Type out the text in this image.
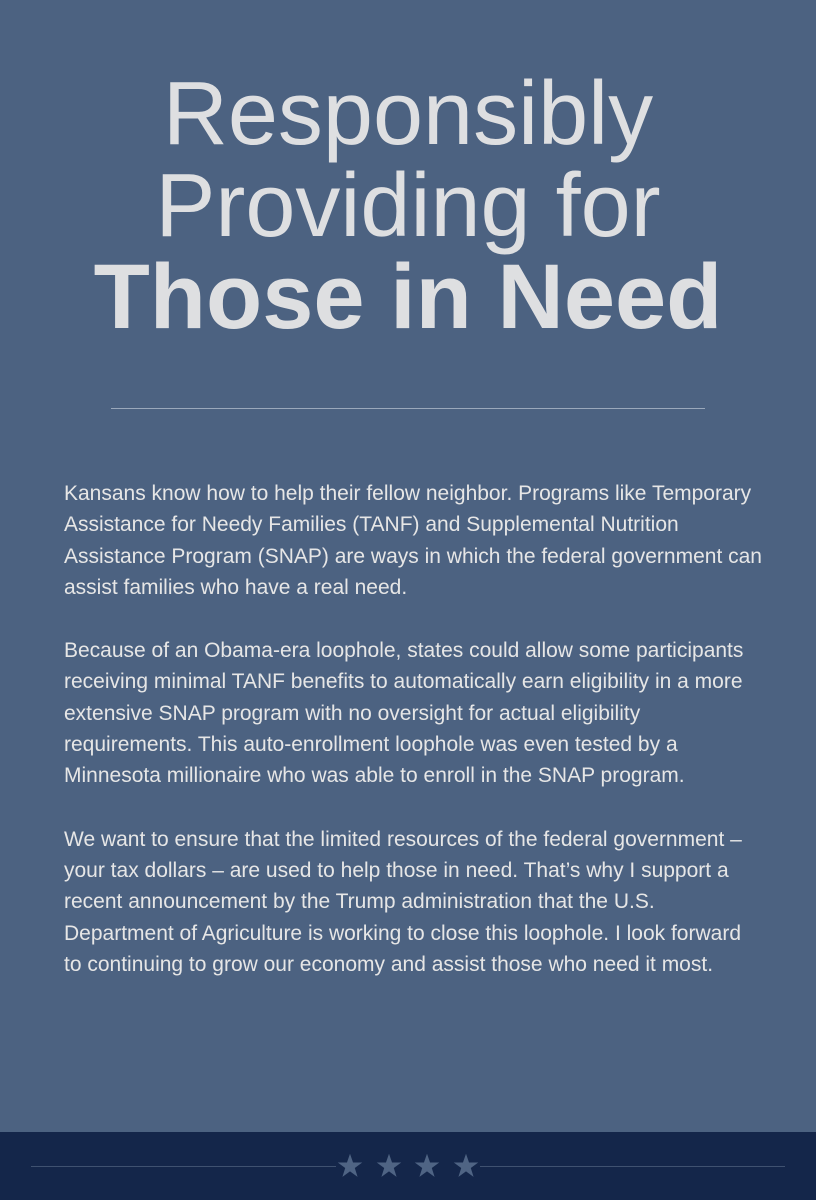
Responsibly
Providing for
Those in Need

Kansans know how to help their fellow neighbor. Programs like Temporary Assistance for Needy Families (TANF) and Supplemental Nutrition Assistance Program (SNAP) are ways in which the federal government can assist families who have a real need.

Because of an Obama-era loophole, states could allow some participants receiving minimal TANF benefits to automatically earn eligibility in a more extensive SNAP program with no oversight for actual eligibility requirements. This auto-enrollment loophole was even tested by a Minnesota millionaire who was able to enroll in the SNAP program.

We want to ensure that the limited resources of the federal government – your tax dollars – are used to help those in need. That’s why I support a recent announcement by the Trump administration that the U.S. Department of Agriculture is working to close this loophole. I look forward to continuing to grow our economy and assist those who need it most.
